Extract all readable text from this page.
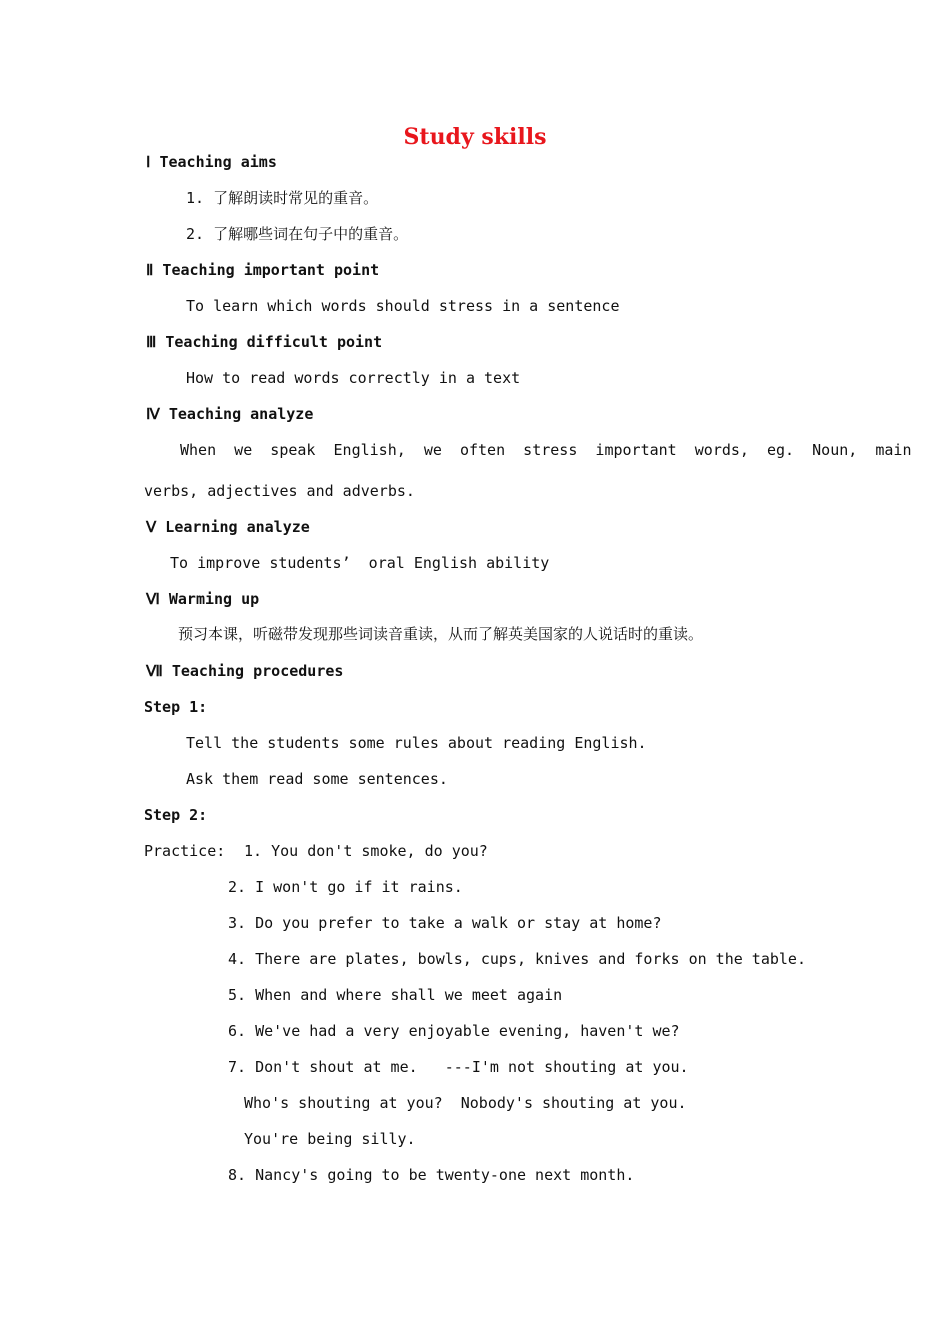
Study skills
Ⅰ Teaching aims
1. 了解朗读时常见的重音。
2. 了解哪些词在句子中的重音。
Ⅱ Teaching important point
To learn which words should stress in a sentence
Ⅲ Teaching difficult point
How to read words correctly in a text
Ⅳ Teaching analyze
When  we  speak  English,  we  often  stress  important  words,  eg.  Noun,  main
verbs, adjectives and adverbs.
Ⅴ Learning analyze
To improve students’  oral English ability
Ⅵ Warming up
预习本课，听磁带发现那些词读音重读，从而了解英美国家的人说话时的重读。
Ⅶ Teaching procedures
Step 1:
Tell the students some rules about reading English.
Ask them read some sentences.
Step 2:
Practice: 1. You don't smoke, do you?
2. I won't go if it rains.
3. Do you prefer to take a walk or stay at home?
4. There are plates, bowls, cups, knives and forks on the table.
5. When and where shall we meet again
6. We've had a very enjoyable evening, haven't we?
7. Don't shout at me.   ---I'm not shouting at you.
Who's shouting at you?  Nobody's shouting at you.
You're being silly.
8. Nancy's going to be twenty-one next month.
